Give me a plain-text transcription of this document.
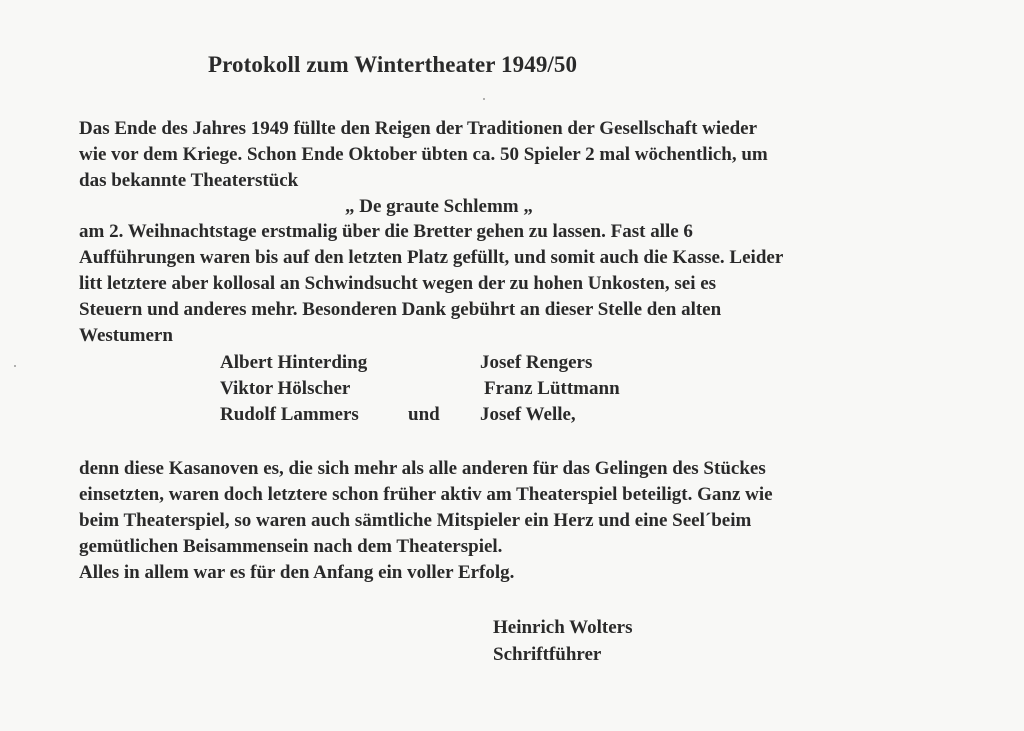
Protokoll zum Wintertheater 1949/50
Das Ende des Jahres 1949 füllte den Reigen der Traditionen der Gesellschaft wieder
wie vor dem Kriege. Schon Ende Oktober übten ca. 50 Spieler 2 mal wöchentlich, um
das bekannte Theaterstück
„ De graute Schlemm „
am 2. Weihnachtstage erstmalig über die Bretter gehen zu lassen. Fast alle 6
Aufführungen waren bis auf den letzten Platz gefüllt, und somit auch die Kasse. Leider
litt letztere aber kollosal an Schwindsucht wegen der zu hohen Unkosten, sei es
Steuern und anderes mehr. Besonderen Dank gebührt an dieser Stelle den alten
Westumern
Albert Hinterding
Viktor Hölscher
Rudolf Lammers	und
Josef Rengers
Franz Lüttmann
Josef Welle,
denn diese Kasanoven es, die sich mehr als alle anderen für das Gelingen des Stückes
einsetzten, waren doch letztere schon früher aktiv am Theaterspiel beteiligt. Ganz wie
beim Theaterspiel, so waren auch sämtliche Mitspieler ein Herz und eine Seel´beim
gemütlichen Beisammensein nach dem Theaterspiel.
Alles in allem war es für den Anfang ein voller Erfolg.
Heinrich Wolters
Schriftführer
